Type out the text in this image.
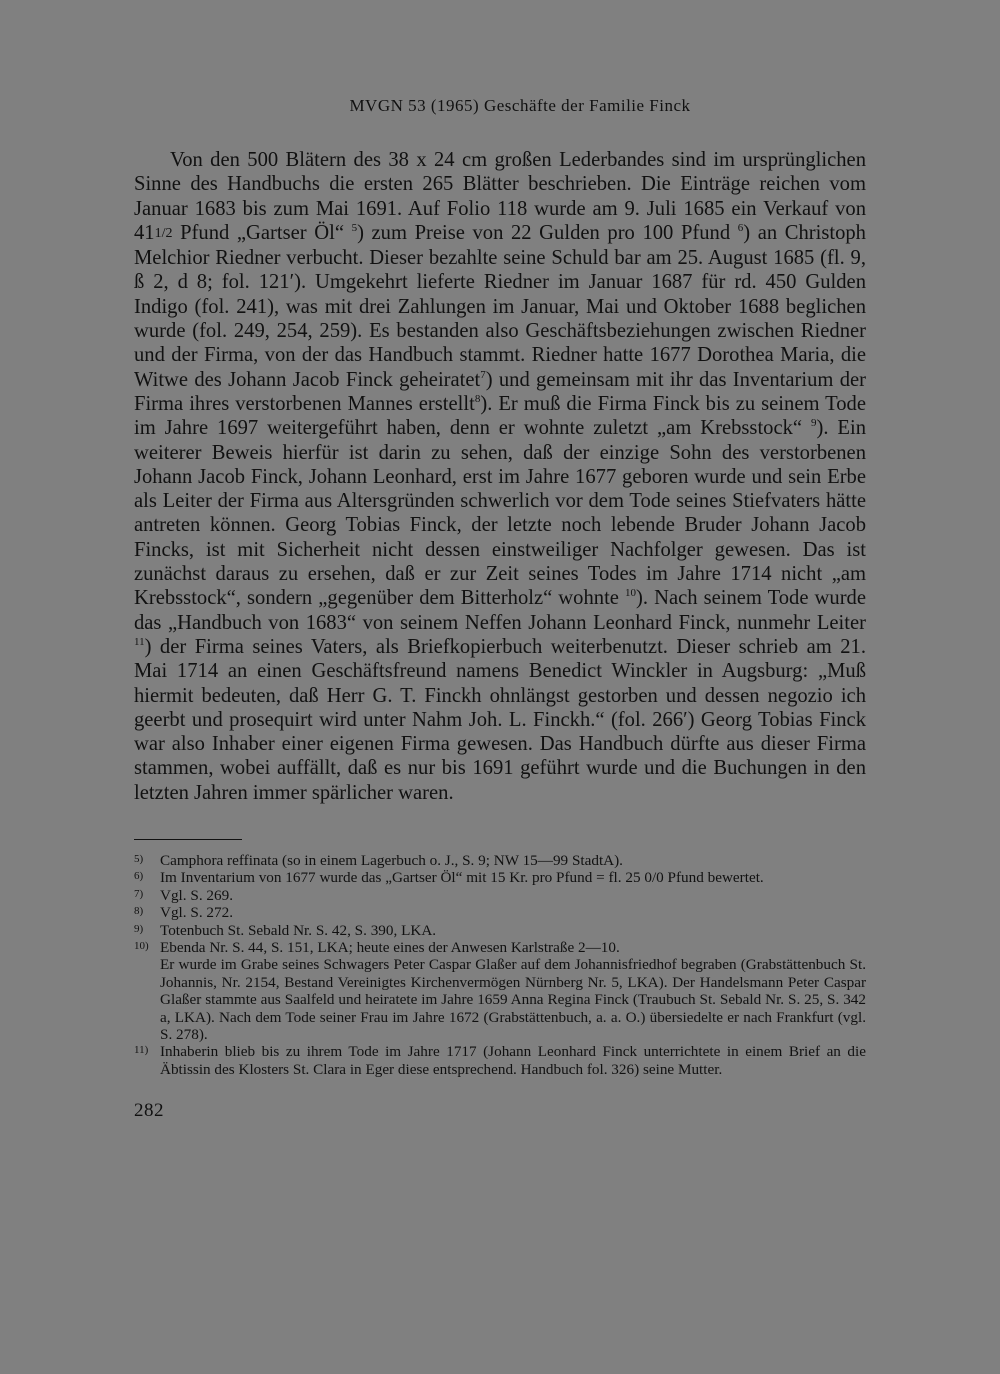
MVGN 53 (1965) Geschäfte der Familie Finck

Von den 500 Blätern des 38 x 24 cm großen Lederbandes sind im ursprünglichen Sinne des Handbuchs die ersten 265 Blätter beschrieben. Die Einträge reichen vom Januar 1683 bis zum Mai 1691. Auf Folio 118 wurde am 9. Juli 1685 ein Verkauf von 411/2 Pfund „Gartser Öl“ $^5$) zum Preise von 22 Gulden pro 100 Pfund $^6$) an Christoph Melchior Riedner verbucht. Dieser bezahlte seine Schuld bar am 25. August 1685 (fl. 9, ß 2, d 8; fol. 121′). Umgekehrt lieferte Riedner im Januar 1687 für rd. 450 Gulden Indigo (fol. 241), was mit drei Zahlungen im Januar, Mai und Oktober 1688 beglichen wurde (fol. 249, 254, 259). Es bestanden also Geschäftsbeziehungen zwischen Riedner und der Firma, von der das Handbuch stammt. Riedner hatte 1677 Dorothea Maria, die Witwe des Johann Jacob Finck geheiratet$^7$) und gemeinsam mit ihr das Inventarium der Firma ihres verstorbenen Mannes erstellt$^8$). Er muß die Firma Finck bis zu seinem Tode im Jahre 1697 weitergeführt haben, denn er wohnte zuletzt „am Krebsstock“ $^9$). Ein weiterer Beweis hierfür ist darin zu sehen, daß der einzige Sohn des verstorbenen Johann Jacob Finck, Johann Leonhard, erst im Jahre 1677 geboren wurde und sein Erbe als Leiter der Firma aus Altersgründen schwerlich vor dem Tode seines Stiefvaters hätte antreten können. Georg Tobias Finck, der letzte noch lebende Bruder Johann Jacob Fincks, ist mit Sicherheit nicht dessen einstweiliger Nachfolger gewesen. Das ist zunächst daraus zu ersehen, daß er zur Zeit seines Todes im Jahre 1714 nicht „am Krebsstock“, sondern „gegenüber dem Bitterholz“ wohnte $^{10}$). Nach seinem Tode wurde das „Handbuch von 1683“ von seinem Neffen Johann Leonhard Finck, nunmehr Leiter $^{11}$) der Firma seines Vaters, als Briefkopierbuch weiterbenutzt. Dieser schrieb am 21. Mai 1714 an einen Geschäftsfreund namens Benedict Winckler in Augsburg: „Muß hiermit bedeuten, daß Herr G. T. Finckh ohnlängst gestorben und dessen negozio ich geerbt und prosequirt wird unter Nahm Joh. L. Finckh.“ (fol. 266′) Georg Tobias Finck war also Inhaber einer eigenen Firma gewesen. Das Handbuch dürfte aus dieser Firma stammen, wobei auffällt, daß es nur bis 1691 geführt wurde und die Buchungen in den letzten Jahren immer spärlicher waren.

5)	Camphora reffinata (so in einem Lagerbuch o. J., S. 9; NW 15—99 StadtA).
6)	Im Inventarium von 1677 wurde das „Gartser Öl“ mit 15 Kr. pro Pfund = fl. 25 0/0 Pfund bewertet.
7)	Vgl. S. 269.
8)	Vgl. S. 272.
9)	Totenbuch St. Sebald Nr. S. 42, S. 390, LKA.
10) Ebenda Nr. S. 44, S. 151, LKA; heute eines der Anwesen Karlstraße 2—10.
Er wurde im Grabe seines Schwagers Peter Caspar Glaßer auf dem Johannisfriedhof begraben (Grabstättenbuch St. Johannis, Nr. 2154, Bestand Vereinigtes Kirchenvermögen Nürnberg Nr. 5, LKA). Der Handelsmann Peter Caspar Glaßer stammte aus Saalfeld und heiratete im Jahre 1659 Anna Regina Finck (Traubuch St. Sebald Nr. S. 25, S. 342 a, LKA). Nach dem Tode seiner Frau im Jahre 1672 (Grabstättenbuch, a. a. O.) übersiedelte er nach Frankfurt (vgl. S. 278).
11) Inhaberin blieb bis zu ihrem Tode im Jahre 1717 (Johann Leonhard Finck unterrichtete in einem Brief an die Äbtissin des Klosters St. Clara in Eger diese entsprechend. Handbuch fol. 326) seine Mutter.
282
